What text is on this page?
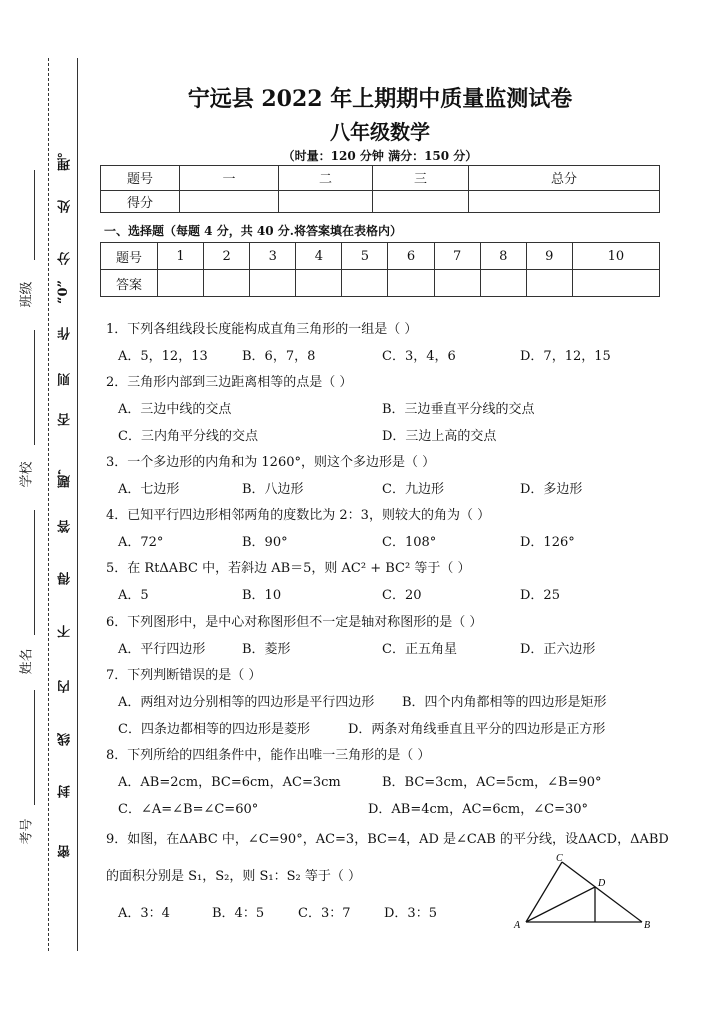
密
封
线
内
不
得
答
题，
否
则
作
“0”
分
处
理。
班级
学校
姓名
考号
宁远县 2022 年上期期中质量监测试卷
八年级数学
（时量：120 分钟 满分：150 分）
题号	一	二	三	总分
得分				
一、选择题（每题 4 分，共 40 分.将答案填在表格内）
题号	1	2	3	4	5	6	7	8	9	10
答案										
1．下列各组线段长度能构成直角三角形的一组是（ ）
A．5，12，13	B．6，7，8	C．3，4，6	D．7，12，15
2．三角形内部到三边距离相等的点是（ ）
A．三边中线的交点	B．三边垂直平分线的交点
C．三内角平分线的交点	D．三边上高的交点
3．一个多边形的内角和为 1260°，则这个多边形是（ ）
A．七边形	B．八边形	C．九边形	D．多边形
4．已知平行四边形相邻两角的度数比为 2：3，则较大的角为（ ）
A．72°	B．90°	C．108°	D．126°
5．在 RtΔABC 中，若斜边 AB＝5，则 AC² + BC² 等于（ ）
A．5	B．10	C．20	D．25
6．下列图形中，是中心对称图形但不一定是轴对称图形的是（ ）
A．平行四边形	B．菱形	C．正五角星	D．正六边形
7．下列判断错误的是（ ）
A．两组对边分别相等的四边形是平行四边形 B．四个内角都相等的四边形是矩形
C．四条边都相等的四边形是菱形	D．两条对角线垂直且平分的四边形是正方形
8．下列所给的四组条件中，能作出唯一三角形的是（ ）
A．AB=2cm，BC=6cm，AC=3cm	B．BC=3cm，AC=5cm，∠B=90°
C．∠A=∠B=∠C=60°	D．AB=4cm，AC=6cm，∠C=30°
9．如图，在ΔABC 中，∠C=90°，AC=3，BC=4，AD 是∠CAB 的平分线，设ΔACD，ΔABD
的面积分别是 S₁，S₂，则 S₁：S₂ 等于（ ）
A．3：4	B．4：5	C．3：7	D．3：5
C
D
A	B
